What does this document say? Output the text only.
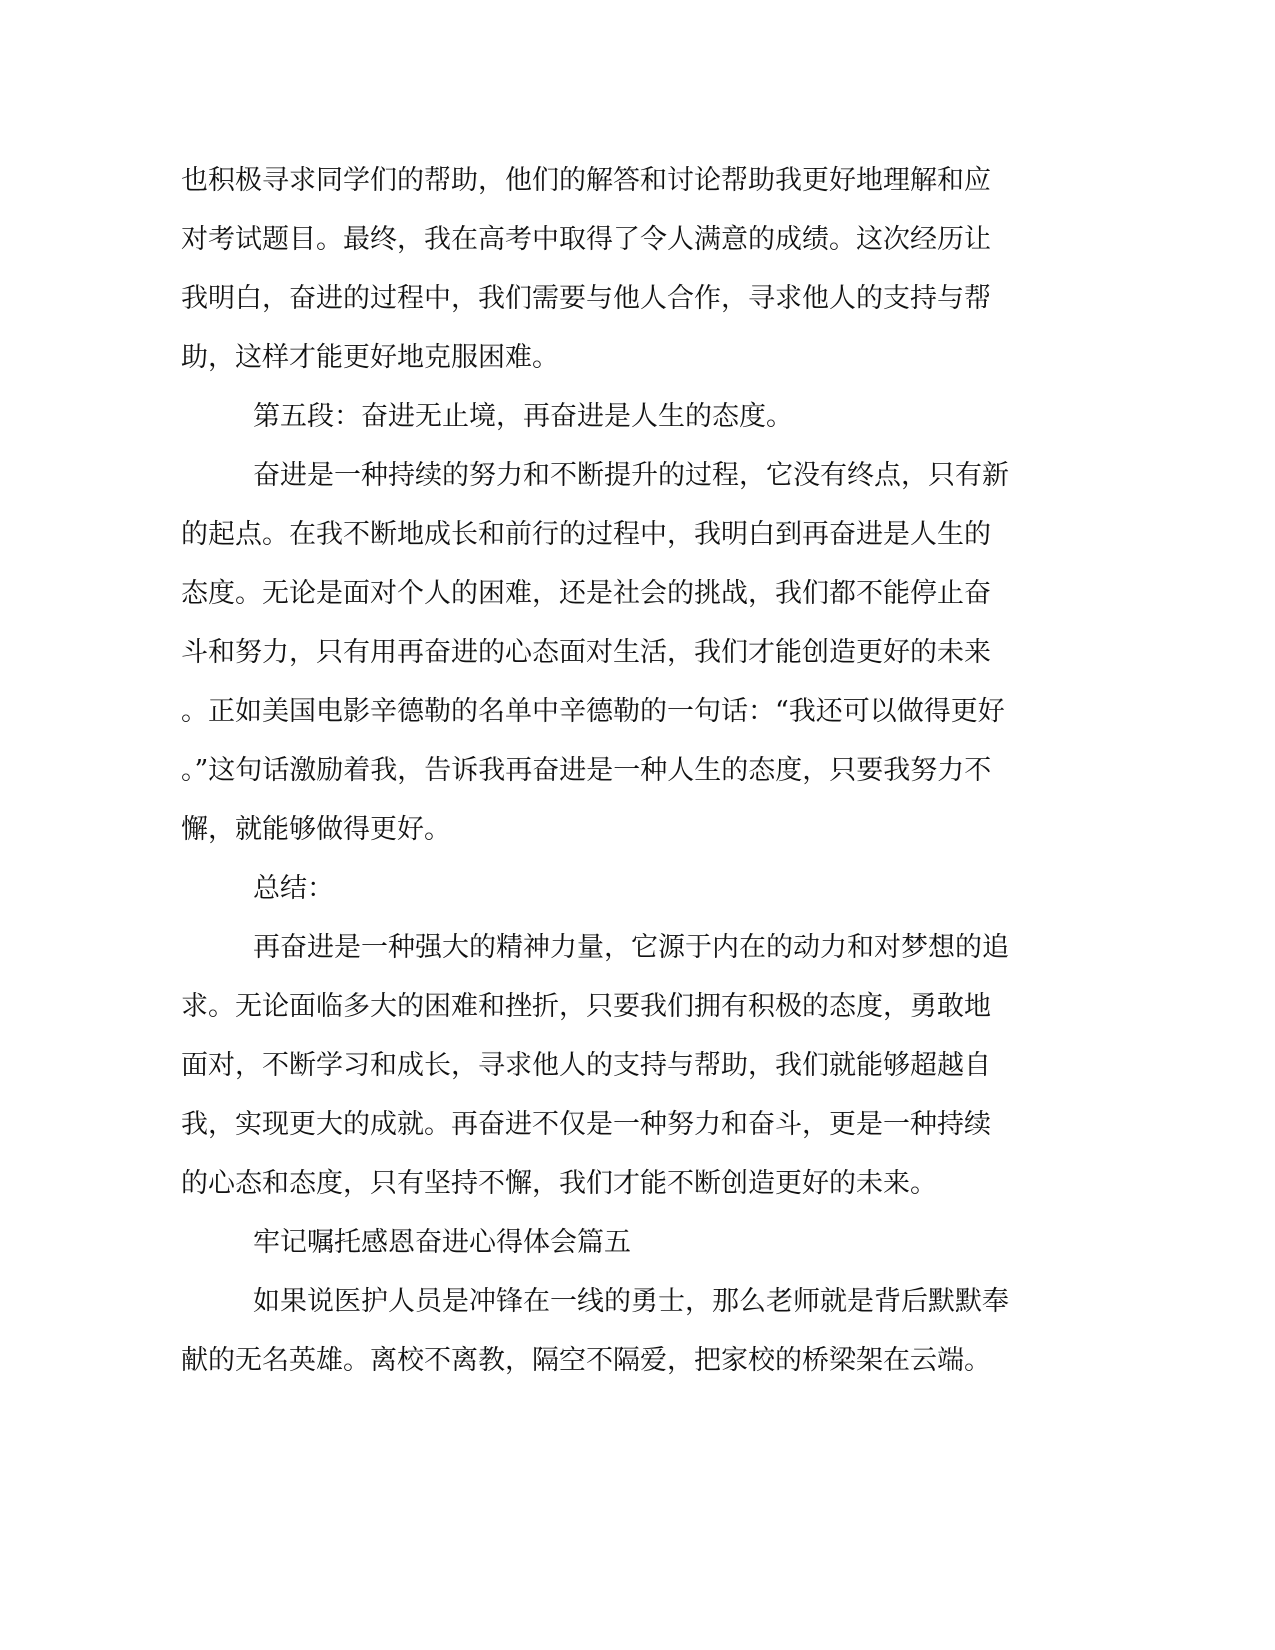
也积极寻求同学们的帮助，他们的解答和讨论帮助我更好地理解和应
对考试题目。最终，我在高考中取得了令人满意的成绩。这次经历让
我明白，奋进的过程中，我们需要与他人合作，寻求他人的支持与帮
助，这样才能更好地克服困难。
第五段：奋进无止境，再奋进是人生的态度。
奋进是一种持续的努力和不断提升的过程，它没有终点，只有新
的起点。在我不断地成长和前行的过程中，我明白到再奋进是人生的
态度。无论是面对个人的困难，还是社会的挑战，我们都不能停止奋
斗和努力，只有用再奋进的心态面对生活，我们才能创造更好的未来
。正如美国电影辛德勒的名单中辛德勒的一句话：“我还可以做得更好
。”这句话激励着我，告诉我再奋进是一种人生的态度，只要我努力不
懈，就能够做得更好。
总结：
再奋进是一种强大的精神力量，它源于内在的动力和对梦想的追
求。无论面临多大的困难和挫折，只要我们拥有积极的态度，勇敢地
面对，不断学习和成长，寻求他人的支持与帮助，我们就能够超越自
我，实现更大的成就。再奋进不仅是一种努力和奋斗，更是一种持续
的心态和态度，只有坚持不懈，我们才能不断创造更好的未来。
牢记嘱托感恩奋进心得体会篇五
如果说医护人员是冲锋在一线的勇士，那么老师就是背后默默奉
献的无名英雄。离校不离教，隔空不隔爱，把家校的桥梁架在云端。
